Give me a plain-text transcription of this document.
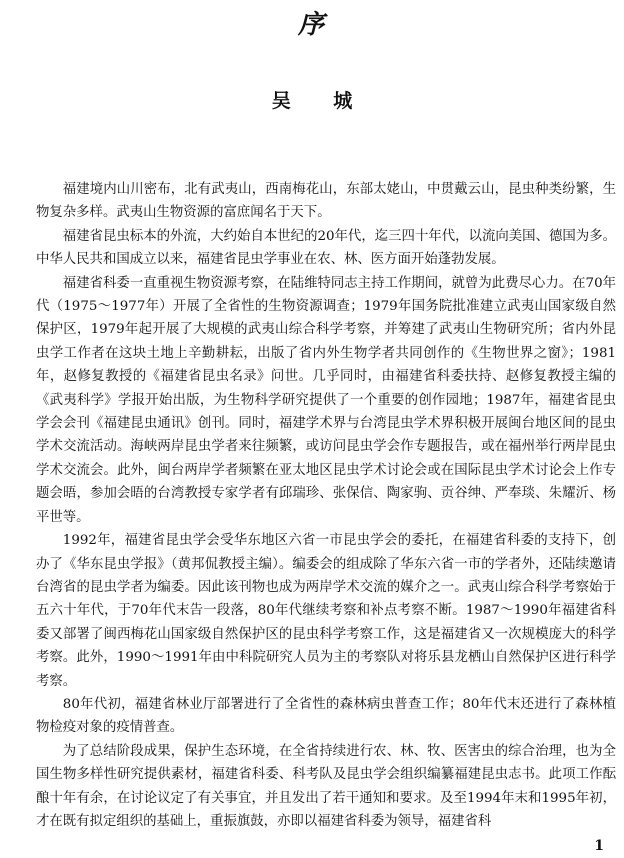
序
吴 城

福建境内山川密布，北有武夷山，西南梅花山，东部太姥山，中贯戴云山，昆虫种类纷繁，生物复杂多样。武夷山生物资源的富庶闻名于天下。

福建省昆虫标本的外流，大约始自本世纪的20年代，迄三四十年代，以流向美国、德国为多。中华人民共和国成立以来，福建省昆虫学事业在农、林、医方面开始蓬勃发展。

福建省科委一直重视生物资源考察，在陆维特同志主持工作期间，就曾为此费尽心力。在70年代（1975～1977年）开展了全省性的生物资源调查；1979年国务院批准建立武夷山国家级自然保护区，1979年起开展了大规模的武夷山综合科学考察，并筹建了武夷山生物研究所；省内外昆虫学工作者在这块土地上辛勤耕耘，出版了省内外生物学者共同创作的《生物世界之窗》；1981年，赵修复教授的《福建省昆虫名录》问世。几乎同时，由福建省科委扶持、赵修复教授主编的《武夷科学》学报开始出版，为生物科学研究提供了一个重要的创作园地；1987年，福建省昆虫学会会刊《福建昆虫通讯》创刊。同时，福建学术界与台湾昆虫学术界积极开展闽台地区间的昆虫学术交流活动。海峡两岸昆虫学者来往频繁，或访问昆虫学会作专题报告，或在福州举行两岸昆虫学术交流会。此外，闽台两岸学者频繁在亚太地区昆虫学术讨论会或在国际昆虫学术讨论会上作专题会晤，参加会晤的台湾教授专家学者有邱瑞珍、张保信、陶家驹、贡谷绅、严奉琰、朱耀沂、杨平世等。

1992年，福建省昆虫学会受华东地区六省一市昆虫学会的委托，在福建省科委的支持下，创办了《华东昆虫学报》（黄邦侃教授主编）。编委会的组成除了华东六省一市的学者外，还陆续邀请台湾省的昆虫学者为编委。因此该刊物也成为两岸学术交流的媒介之一。武夷山综合科学考察始于五六十年代，于70年代末告一段落，80年代继续考察和补点考察不断。1987～1990年福建省科委又部署了闽西梅花山国家级自然保护区的昆虫科学考察工作，这是福建省又一次规模庞大的科学考察。此外，1990～1991年由中科院研究人员为主的考察队对将乐县龙栖山自然保护区进行科学考察。

80年代初，福建省林业厅部署进行了全省性的森林病虫普查工作；80年代末还进行了森林植物检疫对象的疫情普查。

为了总结阶段成果，保护生态环境，在全省持续进行农、林、牧、医害虫的综合治理，也为全国生物多样性研究提供素材，福建省科委、科考队及昆虫学会组织编纂福建昆虫志书。此项工作酝酿十年有余，在讨论议定了有关事宜，并且发出了若干通知和要求。及至1994年末和1995年初，才在既有拟定组织的基础上，重振旗鼓，亦即以福建省科委为领导，福建省科

1
